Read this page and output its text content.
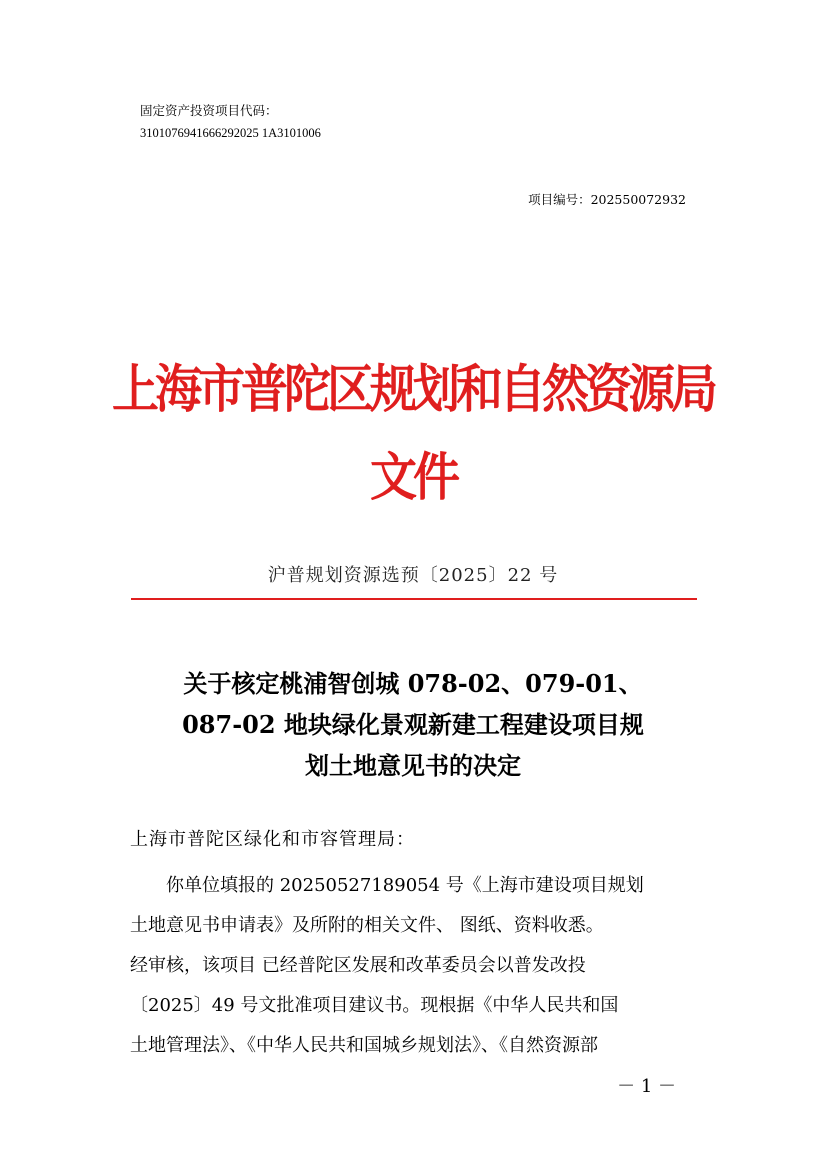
固定资产投资项目代码：
3101076941666292025 1A3101006
项目编号：202550072932
上海市普陀区规划和自然资源局
文件
沪普规划资源选预〔2025〕22 号
关于核定桃浦智创城 078-02、079-01、
087-02 地块绿化景观新建工程建设项目规
划土地意见书的决定
上海市普陀区绿化和市容管理局：
你单位填报的 20250527189054 号《上海市建设项目规划
土地意见书申请表》及所附的相关文件、 图纸、资料收悉。
经审核，该项目 已经普陀区发展和改革委员会以普发改投
〔2025〕49 号文批准项目建议书。现根据《中华人民共和国
土地管理法》、《中华人民共和国城乡规划法》、《自然资源部
－ 1 －
